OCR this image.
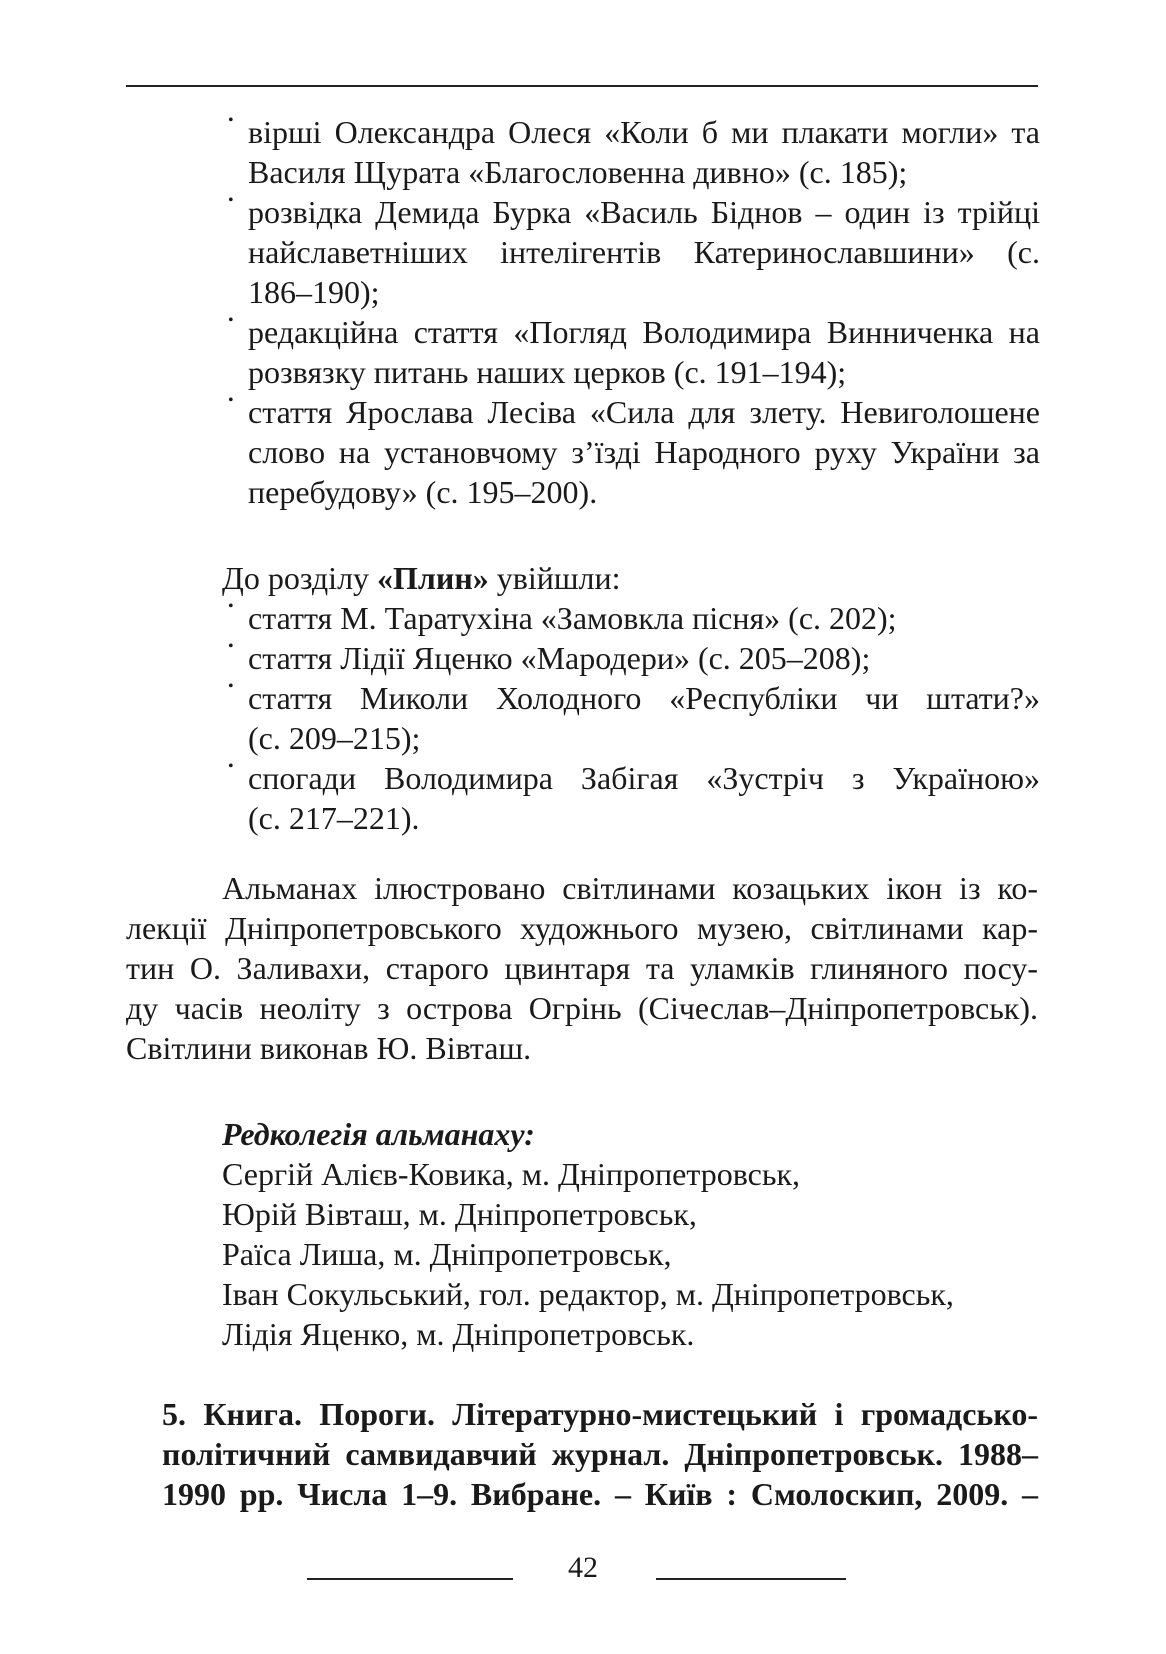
• вірші Олександра Олеся «Коли б ми плакати могли» та
Василя Щурата «Благословенна дивно» (с. 185);
• розвідка Демида Бурка «Василь Біднов – один із трійці
найславетніших інтелігентів Катеринославшини» (с.
186–190);
• редакційна стаття «Погляд Володимира Винниченка на
розвязку питань наших церков (с. 191–194);
• стаття Ярослава Лесіва «Сила для злету. Невиголошене
слово на установчому з’їзді Народного руху України за
перебудову» (с. 195–200).
До розділу «Плин» увійшли:
• стаття М. Таратухіна «Замовкла пісня» (с. 202);
• стаття Лідії Яценко «Мародери» (с. 205–208);
• стаття Миколи Холодного «Республіки чи штати?»
(с. 209–215);
• спогади Володимира Забігая «Зустріч з Україною»
(с. 217–221).
Альманах ілюстровано світлинами козацьких ікон із ко-
лекції Дніпропетровського художнього музею, світлинами кар-
тин О. Заливахи, старого цвинтаря та уламків глиняного посу-
ду часів неоліту з острова Огрінь (Січеслав–Дніпропетровськ).
Світлини виконав Ю. Вівташ.
Редколегія альманаху:
Сергій Алієв-Ковика, м. Дніпропетровськ,
Юрій Вівташ, м. Дніпропетровськ,
Раїса Лиша, м. Дніпропетровськ,
Іван Сокульський, гол. редактор, м. Дніпропетровськ,
Лідія Яценко, м. Дніпропетровськ.
5. Книга. Пороги. Літературно-мистецький і громадсько-
політичний самвидавчий журнал. Дніпропетровськ. 1988–
1990 рр. Числа 1–9. Вибране. – Київ : Смолоскип, 2009. –
42
